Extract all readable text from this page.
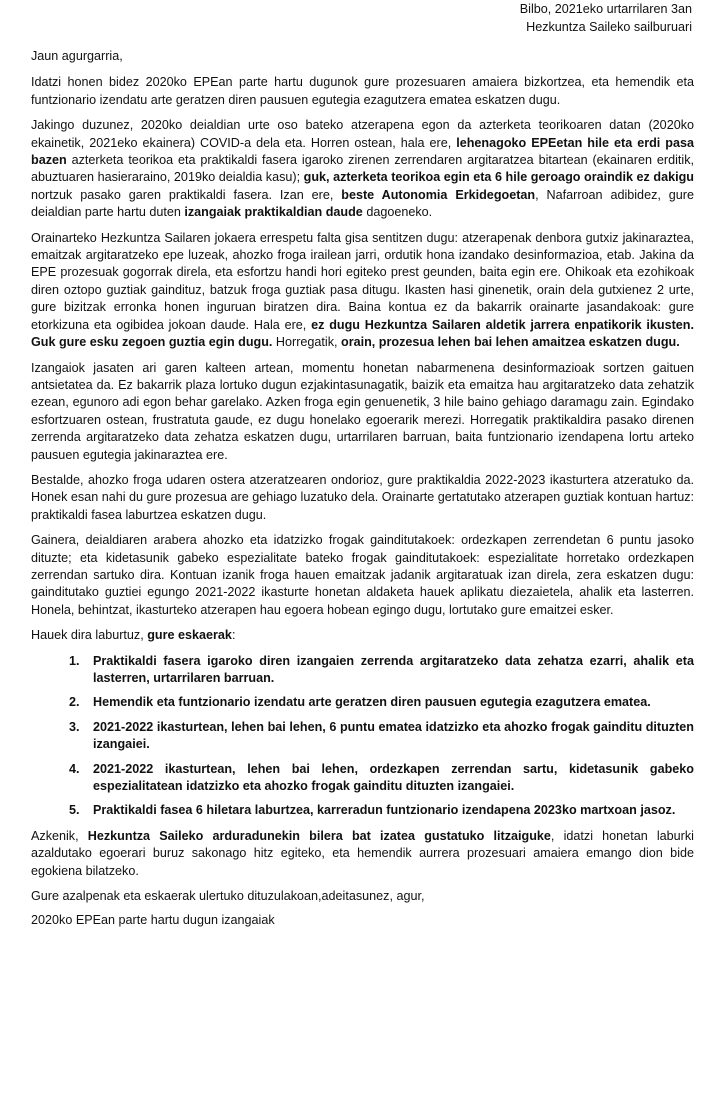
Bilbo, 2021eko urtarrilaren 3an
Hezkuntza Saileko sailburuari
Jaun agurgarria,

Idatzi honen bidez 2020ko EPEan parte hartu dugunok gure prozesuaren amaiera bizkortzea, eta hemendik eta funtzionario izendatu arte geratzen diren pausuen egutegia ezagutzera ematea eskatzen dugu.

Jakingo duzunez, 2020ko deialdian urte oso bateko atzerapena egon da azterketa teorikoaren datan (2020ko ekainetik, 2021eko ekainera) COVID-a dela eta. Horren ostean, hala ere, lehenagoko EPEetan hile eta erdi pasa bazen azterketa teorikoa eta praktikaldi fasera igaroko zirenen zerrendaren argitaratzea bitartean (ekainaren erditik, abuztuaren hasieraraino, 2019ko deialdia kasu); guk, azterketa teorikoa egin eta 6 hile geroago oraindik ez dakigu nortzuk pasako garen praktikaldi fasera. Izan ere, beste Autonomia Erkidegoetan, Nafarroan adibidez, gure deialdian parte hartu duten izangaiak praktikaldian daude dagoeneko.

Orainarteko Hezkuntza Sailaren jokaera errespetu falta gisa sentitzen dugu: atzerapenak denbora gutxiz jakinaraztea, emaitzak argitaratzeko epe luzeak, ahozko froga irailean jarri, ordutik hona izandako desinformazioa, etab. Jakina da EPE prozesuak gogorrak direla, eta esfortzu handi hori egiteko prest geunden, baita egin ere. Ohikoak eta ezohikoak diren oztopo guztiak gaindituz, batzuk froga guztiak pasa ditugu. Ikasten hasi ginenetik, orain dela gutxienez 2 urte, gure bizitzak erronka honen inguruan biratzen dira. Baina kontua ez da bakarrik orainarte jasandakoak: gure etorkizuna eta ogibidea jokoan daude. Hala ere, ez dugu Hezkuntza Sailaren aldetik jarrera enpatikorik ikusten. Guk gure esku zegoen guztia egin dugu. Horregatik, orain, prozesua lehen bai lehen amaitzea eskatzen dugu.

Izangaiok jasaten ari garen kalteen artean, momentu honetan nabarmenena desinformazioak sortzen gaituen antsietatea da. Ez bakarrik plaza lortuko dugun ezjakintasunagatik, baizik eta emaitza hau argitaratzeko data zehatzik ezean, egunoro adi egon behar garelako. Azken froga egin genuenetik, 3 hile baino gehiago daramagu zain. Egindako esfortzuaren ostean, frustratuta gaude, ez dugu honelako egoerarik merezi. Horregatik praktikaldira pasako direnen zerrenda argitaratzeko data zehatza eskatzen dugu, urtarrilaren barruan, baita funtzionario izendapena lortu arteko pausuen egutegia jakinaraztea ere.

Bestalde, ahozko froga udaren ostera atzeratzearen ondorioz, gure praktikaldia 2022-2023 ikasturtera atzeratuko da. Honek esan nahi du gure prozesua are gehiago luzatuko dela. Orainarte gertatutako atzerapen guztiak kontuan hartuz: praktikaldi fasea laburtzea eskatzen dugu.

Gainera, deialdiaren arabera ahozko eta idatzizko frogak gainditutakoek: ordezkapen zerrendetan 6 puntu jasoko dituzte; eta kidetasunik gabeko espezialitate bateko frogak gainditutakoek: espezialitate horretako ordezkapen zerrendan sartuko dira. Kontuan izanik froga hauen emaitzak jadanik argitaratuak izan direla, zera eskatzen dugu: gainditutako guztiei egungo 2021-2022 ikasturte honetan aldaketa hauek aplikatu diezaietela, ahalik eta lasterren. Honela, behintzat, ikasturteko atzerapen hau egoera hobean egingo dugu, lortutako gure emaitzei esker.

Hauek dira laburtuz, gure eskaerak:

1. Praktikaldi fasera igaroko diren izangaien zerrenda argitaratzeko data zehatza ezarri, ahalik eta lasterren, urtarrilaren barruan.
2. Hemendik eta funtzionario izendatu arte geratzen diren pausuen egutegia ezagutzera ematea.
3. 2021-2022 ikasturtean, lehen bai lehen, 6 puntu ematea idatzizko eta ahozko frogak gainditu dituzten izangaiei.
4. 2021-2022 ikasturtean, lehen bai lehen, ordezkapen zerrendan sartu, kidetasunik gabeko espezialitatean idatzizko eta ahozko frogak gainditu dituzten izangaiei.
5. Praktikaldi fasea 6 hiletara laburtzea, karreradun funtzionario izendapena 2023ko martxoan jasoz.

Azkenik, Hezkuntza Saileko arduradunekin bilera bat izatea gustatuko litzaiguke, idatzi honetan laburki azaldutako egoerari buruz sakonago hitz egiteko, eta hemendik aurrera prozesuari amaiera emango dion bide egokiena bilatzeko.

Gure azalpenak eta eskaerak ulertuko dituzulakoan,adeitasunez, agur,
2020ko EPEan parte hartu dugun izangaiak
